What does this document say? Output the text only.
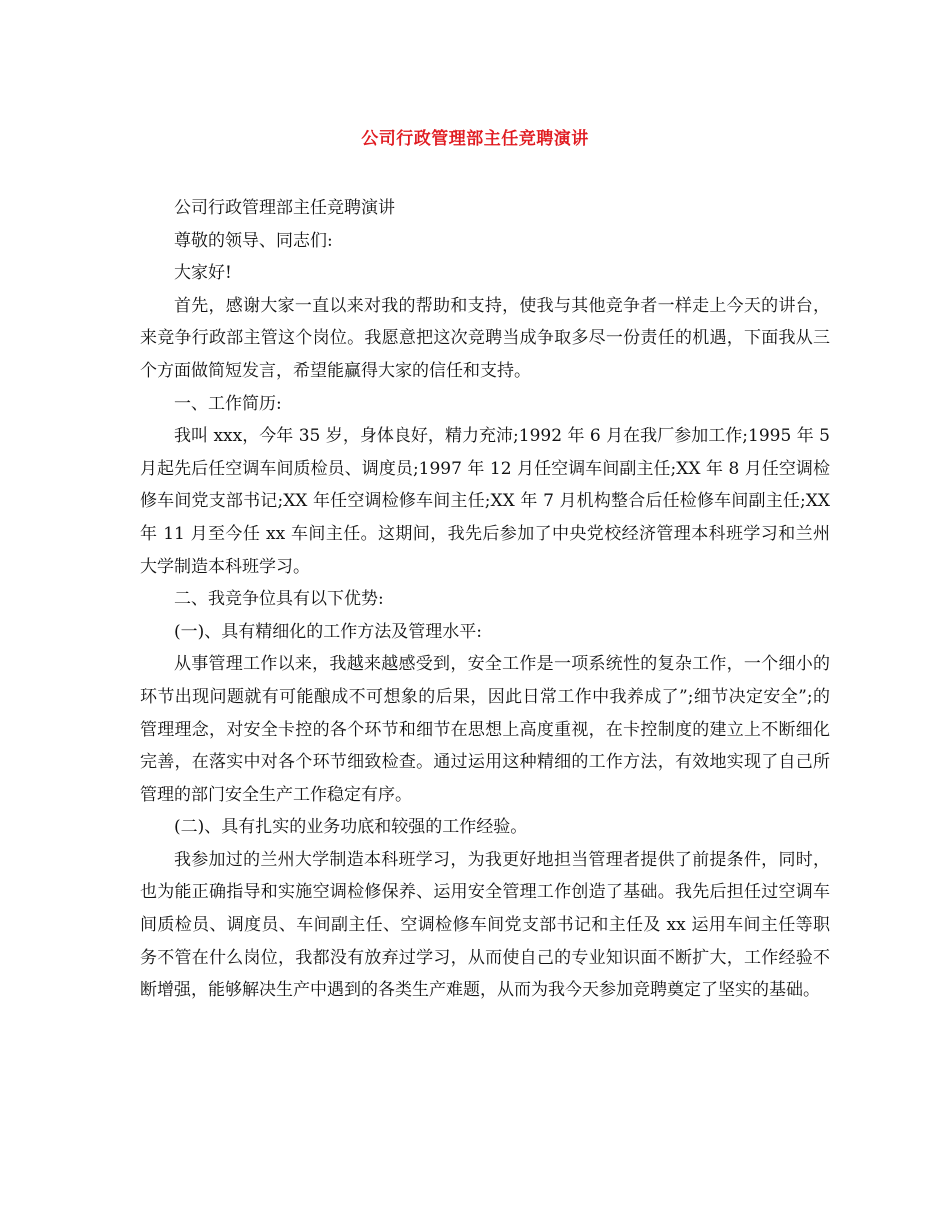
公司行政管理部主任竞聘演讲

公司行政管理部主任竞聘演讲

尊敬的领导、同志们:

大家好!

首先，感谢大家一直以来对我的帮助和支持，使我与其他竞争者一样走上今天的讲台，来竞争行政部主管这个岗位。我愿意把这次竞聘当成争取多尽一份责任的机遇，下面我从三个方面做简短发言，希望能赢得大家的信任和支持。

一、工作简历:

我叫 xxx，今年 35 岁，身体良好，精力充沛;1992 年 6 月在我厂参加工作;1995 年 5 月起先后任空调车间质检员、调度员;1997 年 12 月任空调车间副主任;XX 年 8 月任空调检修车间党支部书记;XX 年任空调检修车间主任;XX 年 7 月机构整合后任检修车间副主任;XX 年 11 月至今任 xx 车间主任。这期间，我先后参加了中央党校经济管理本科班学习和兰州大学制造本科班学习。

二、我竞争位具有以下优势:

(一)、具有精细化的工作方法及管理水平:

从事管理工作以来，我越来越感受到，安全工作是一项系统性的复杂工作，一个细小的环节出现问题就有可能酿成不可想象的后果，因此日常工作中我养成了”;细节决定安全”;的管理理念，对安全卡控的各个环节和细节在思想上高度重视，在卡控制度的建立上不断细化完善，在落实中对各个环节细致检查。通过运用这种精细的工作方法，有效地实现了自己所管理的部门安全生产工作稳定有序。

(二)、具有扎实的业务功底和较强的工作经验。

我参加过的兰州大学制造本科班学习，为我更好地担当管理者提供了前提条件，同时，也为能正确指导和实施空调检修保养、运用安全管理工作创造了基础。我先后担任过空调车间质检员、调度员、车间副主任、空调检修车间党支部书记和主任及 xx 运用车间主任等职务不管在什么岗位，我都没有放弃过学习，从而使自己的专业知识面不断扩大，工作经验不断增强，能够解决生产中遇到的各类生产难题，从而为我今天参加竞聘奠定了坚实的基础。
